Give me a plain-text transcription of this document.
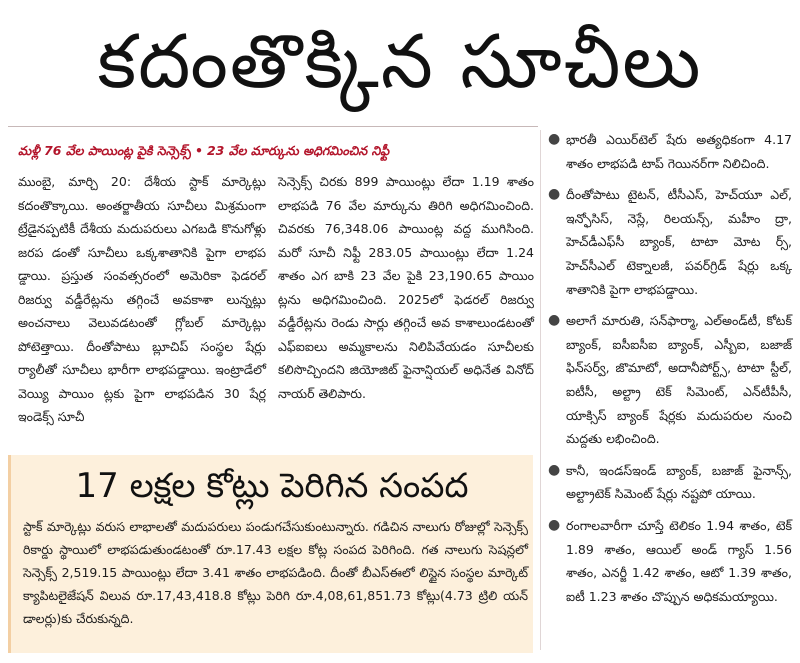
కదంతొక్కిన సూచీలు
మళ్లీ 76 వేల పాయింట్ల పైకి సెన్సెక్స్ • 23 వేల మార్కును అధిగమించిన నిఫ్టీ

ముంబై, మార్చి 20: దేశీయ స్టాక్ మార్కెట్లు కదంతొక్కాయి. అంతర్జాతీయ సూచీలు మిశ్రమంగా ట్రేడైనప్పటికీ దేశీయ మదుపరులు ఎగబడి కొనుగోళ్లు జరప డంతో సూచీలు ఒక్కశాతానికి పైగా లాభప డ్డాయి. ప్రస్తుత సంవత్సరంలో అమెరికా ఫెడరల్ రిజర్వు వడ్డీరేట్లను తగ్గించే అవకాశా లున్నట్లు అంచనాలు వెలువడటంతో గ్లోబల్ మార్కెట్లు పోటెత్తాయి. దీంతోపాటు బ్లూచిప్ సంస్థల షేర్లు ర్యాలీతో సూచీలు భారీగా లాభపడ్డాయి. ఇంట్రాడేలో వెయ్యి పాయిం ట్లకు పైగా లాభపడిన 30 షేర్ల ఇండెక్స్ సూచీ

సెన్సెక్స్ చిరకు 899 పాయింట్లు లేదా 1.19 శాతం లాభపడి 76 వేల మార్కును తిరిగి అధిగమించింది. చివరకు 76,348.06 పాయింట్ల వద్ద ముగిసింది. మరో సూచీ నిఫ్టీ 283.05 పాయింట్లు లేదా 1.24 శాతం ఎగ బాకి 23 వేల పైకి 23,190.65 పాయిం ట్లను అధిగమించింది. 2025లో ఫెడరల్ రిజర్వు వడ్డీరేట్లను రెండు సార్లు తగ్గించే అవ కాశాలుండటంతో ఎఫ్‌ఐఐలు అమ్మకాలను నిలిపివేయడం సూచీలకు కలిసొచ్చిందని జియోజిట్ ఫైనాన్షియల్ అధినేత వినోద్ నాయర్ తెలిపారు.

● భారతీ ఎయిర్‌టెల్ షేరు అత్యధికంగా 4.17 శాతం లాభపడి టాప్ గెయినర్‌గా నిలిచింది.
● దీంతోపాటు టైటన్, టీసీఎస్, హెచ్‌యూ ఎల్, ఇన్ఫోసిస్, నెస్లే, రిలయన్స్, మహీం ద్రా, హెచ్‌డీఎఫ్‌సీ బ్యాంక్, టాటా మోట ర్స్, హెచ్‌సీఎల్ టెక్నాలజీ, పవర్‌గ్రిడ్ షేర్లు ఒక్క శాతానికి పైగా లాభపడ్డాయి.
● అలాగే మారుతి, సన్‌ఫార్మా, ఎల్‌అండ్‌టీ, కోటక్ బ్యాంక్, ఐసీఐసీఐ బ్యాంక్, ఎస్బీఐ, బజాజ్ ఫిన్‌సర్వ్, జొమాటో, అదానీపోర్ట్స్, టాటా స్టీల్, ఐటీసీ, అల్ట్రా టెక్ సిమెంట్, ఎన్‌టీపీసీ, యాక్సిస్ బ్యాంక్ షేర్లకు మదుపరుల నుంచి మద్దతు లభించింది.
● కానీ, ఇండస్‌ఇండ్ బ్యాంక్, బజాజ్ ఫైనాన్స్, అల్ట్రాటెక్ సిమెంట్ షేర్లు నష్టపో యాయి.
● రంగాలవారీగా చూస్తే టెలికం 1.94 శాతం, టెక్ 1.89 శాతం, ఆయిల్ అండ్ గ్యాస్ 1.56 శాతం, ఎనర్జీ 1.42 శాతం, ఆటో 1.39 శాతం, ఐటీ 1.23 శాతం చొప్పున అధికమయ్యాయి.
17 లక్షల కోట్లు పెరిగిన సంపద
స్టాక్ మార్కెట్లు వరుస లాభాలతో మదుపరులు పండుగచేసుకుంటున్నారు. గడిచిన నాలుగు రోజుల్లో సెన్సెక్స్ రికార్డు స్థాయిలో లాభపడుతుండటంతో రూ.17.43 లక్షల కోట్ల సంపద పెరిగింది. గత నాలుగు సెషన్లలో సెన్సెక్స్ 2,519.15 పాయింట్లు లేదా 3.41 శాతం లాభపడింది. దీంతో బీఎస్‌ఈలో లిస్టైన సంస్థల మార్కెట్ క్యాపిటలైజేషన్ విలువ రూ.17,43,418.8 కోట్లు పెరిగి రూ.4,08,61,851.73 కోట్లు(4.73 ట్రిలి యన్ డాలర్లు)కు చేరుకున్నది.
